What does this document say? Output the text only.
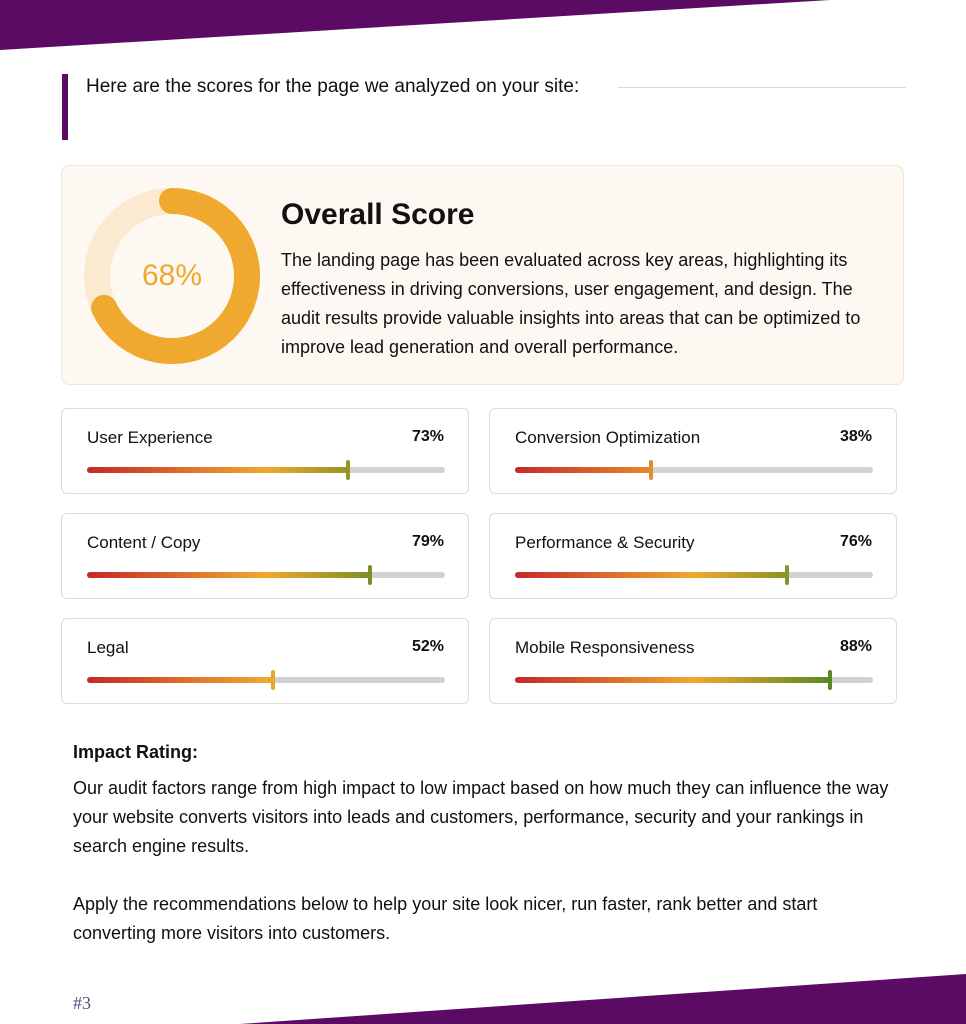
Here are the scores for the page we analyzed on your site:
68%
Overall Score

The landing page has been evaluated across key areas, highlighting its effectiveness in driving conversions, user engagement, and design. The audit results provide valuable insights into areas that can be optimized to improve lead generation and overall performance.

User Experience	73%	Conversion Optimization	38%
Content / Copy	79%	Performance & Security	76%
Legal	52%	Mobile Responsiveness	88%
Impact Rating:

Our audit factors range from high impact to low impact based on how much they can influence the way your website converts visitors into leads and customers, performance, security and your rankings in search engine results.

Apply the recommendations below to help your site look nicer, run faster, rank better and start converting more visitors into customers.

#3
